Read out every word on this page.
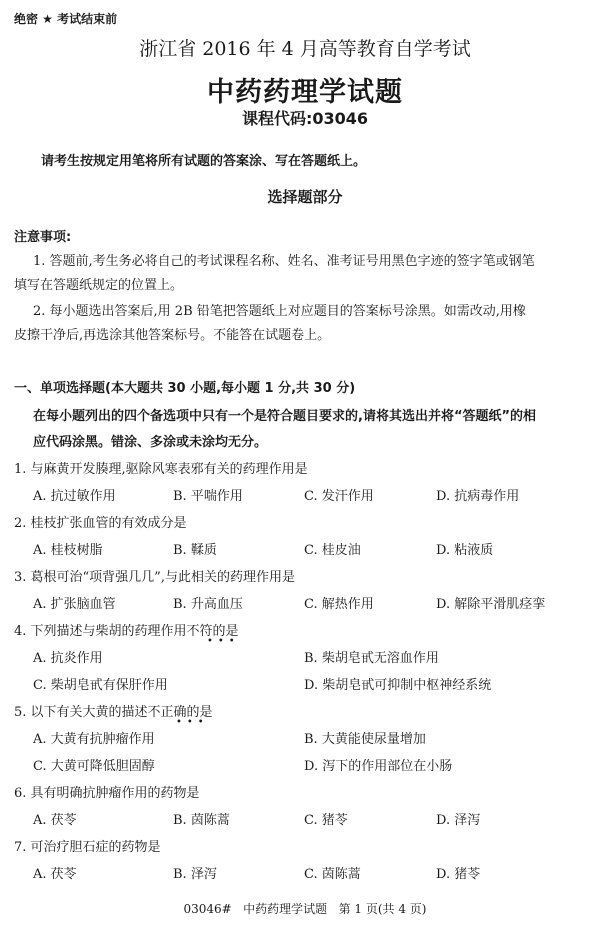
绝密 ★ 考试结束前
浙江省 2016 年 4 月高等教育自学考试
中药药理学试题
课程代码:03046
请考生按规定用笔将所有试题的答案涂、写在答题纸上。
选择题部分
注意事项:
1. 答题前,考生务必将自己的考试课程名称、姓名、准考证号用黑色字迹的签字笔或钢笔
填写在答题纸规定的位置上。
2. 每小题选出答案后,用 2B 铅笔把答题纸上对应题目的答案标号涂黑。如需改动,用橡
皮擦干净后,再选涂其他答案标号。不能答在试题卷上。
一、单项选择题(本大题共 30 小题,每小题 1 分,共 30 分)
在每小题列出的四个备选项中只有一个是符合题目要求的,请将其选出并将“答题纸”的相
应代码涂黑。错涂、多涂或未涂均无分。
1. 与麻黄开发腠理,驱除风寒表邪有关的药理作用是
A. 抗过敏作用	B. 平喘作用	C. 发汗作用	D. 抗病毒作用
2. 桂枝扩张血管的有效成分是
A. 桂枝树脂	B. 鞣质	C. 桂皮油	D. 粘液质
3. 葛根可治“项背强几几”,与此相关的药理作用是
A. 扩张脑血管	B. 升高血压	C. 解热作用	D. 解除平滑肌痉挛
4. 下列描述与柴胡的药理作用不符的是
•••
A. 抗炎作用	B. 柴胡皂甙无溶血作用
C. 柴胡皂甙有保肝作用	D. 柴胡皂甙可抑制中枢神经系统
5. 以下有关大黄的描述不正确的是
•••
A. 大黄有抗肿瘤作用	B. 大黄能使尿量增加
C. 大黄可降低胆固醇	D. 泻下的作用部位在小肠
6. 具有明确抗肿瘤作用的药物是
A. 茯苓	B. 茵陈蒿	C. 猪苓	D. 泽泻
7. 可治疗胆石症的药物是
A. 茯苓	B. 泽泻	C. 茵陈蒿	D. 猪苓
03046#   中药药理学试题   第 1 页(共 4 页)
